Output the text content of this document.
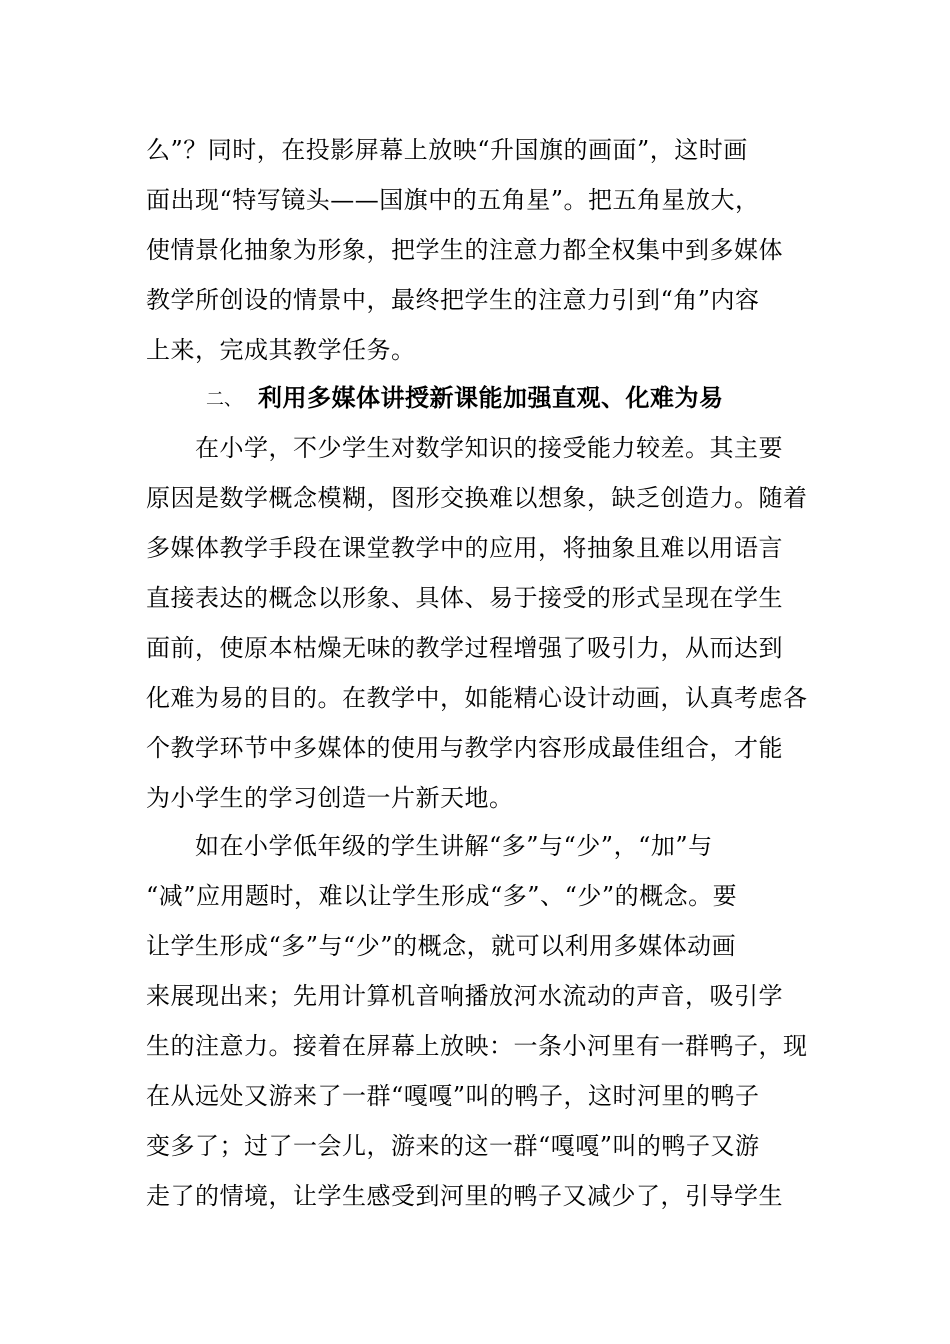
么”？同时，在投影屏幕上放映“升国旗的画面”，这时画
面出现“特写镜头——国旗中的五角星”。把五角星放大，
使情景化抽象为形象，把学生的注意力都全权集中到多媒体
教学所创设的情景中，最终把学生的注意力引到“角”内容
上来，完成其教学任务。
二、 利用多媒体讲授新课能加强直观、化难为易
　　在小学，不少学生对数学知识的接受能力较差。其主要
原因是数学概念模糊，图形交换难以想象，缺乏创造力。随着
多媒体教学手段在课堂教学中的应用，将抽象且难以用语言
直接表达的概念以形象、具体、易于接受的形式呈现在学生
面前，使原本枯燥无味的教学过程增强了吸引力，从而达到
化难为易的目的。在教学中，如能精心设计动画，认真考虑各
个教学环节中多媒体的使用与教学内容形成最佳组合，才能
为小学生的学习创造一片新天地。
　　如在小学低年级的学生讲解“多”与“少”，“加”与
“减”应用题时，难以让学生形成“多”、“少”的概念。要
让学生形成“多”与“少”的概念，就可以利用多媒体动画
来展现出来；先用计算机音响播放河水流动的声音，吸引学
生的注意力。接着在屏幕上放映：一条小河里有一群鸭子，现
在从远处又游来了一群“嘎嘎”叫的鸭子，这时河里的鸭子
变多了；过了一会儿，游来的这一群“嘎嘎”叫的鸭子又游
走了的情境，让学生感受到河里的鸭子又减少了，引导学生
